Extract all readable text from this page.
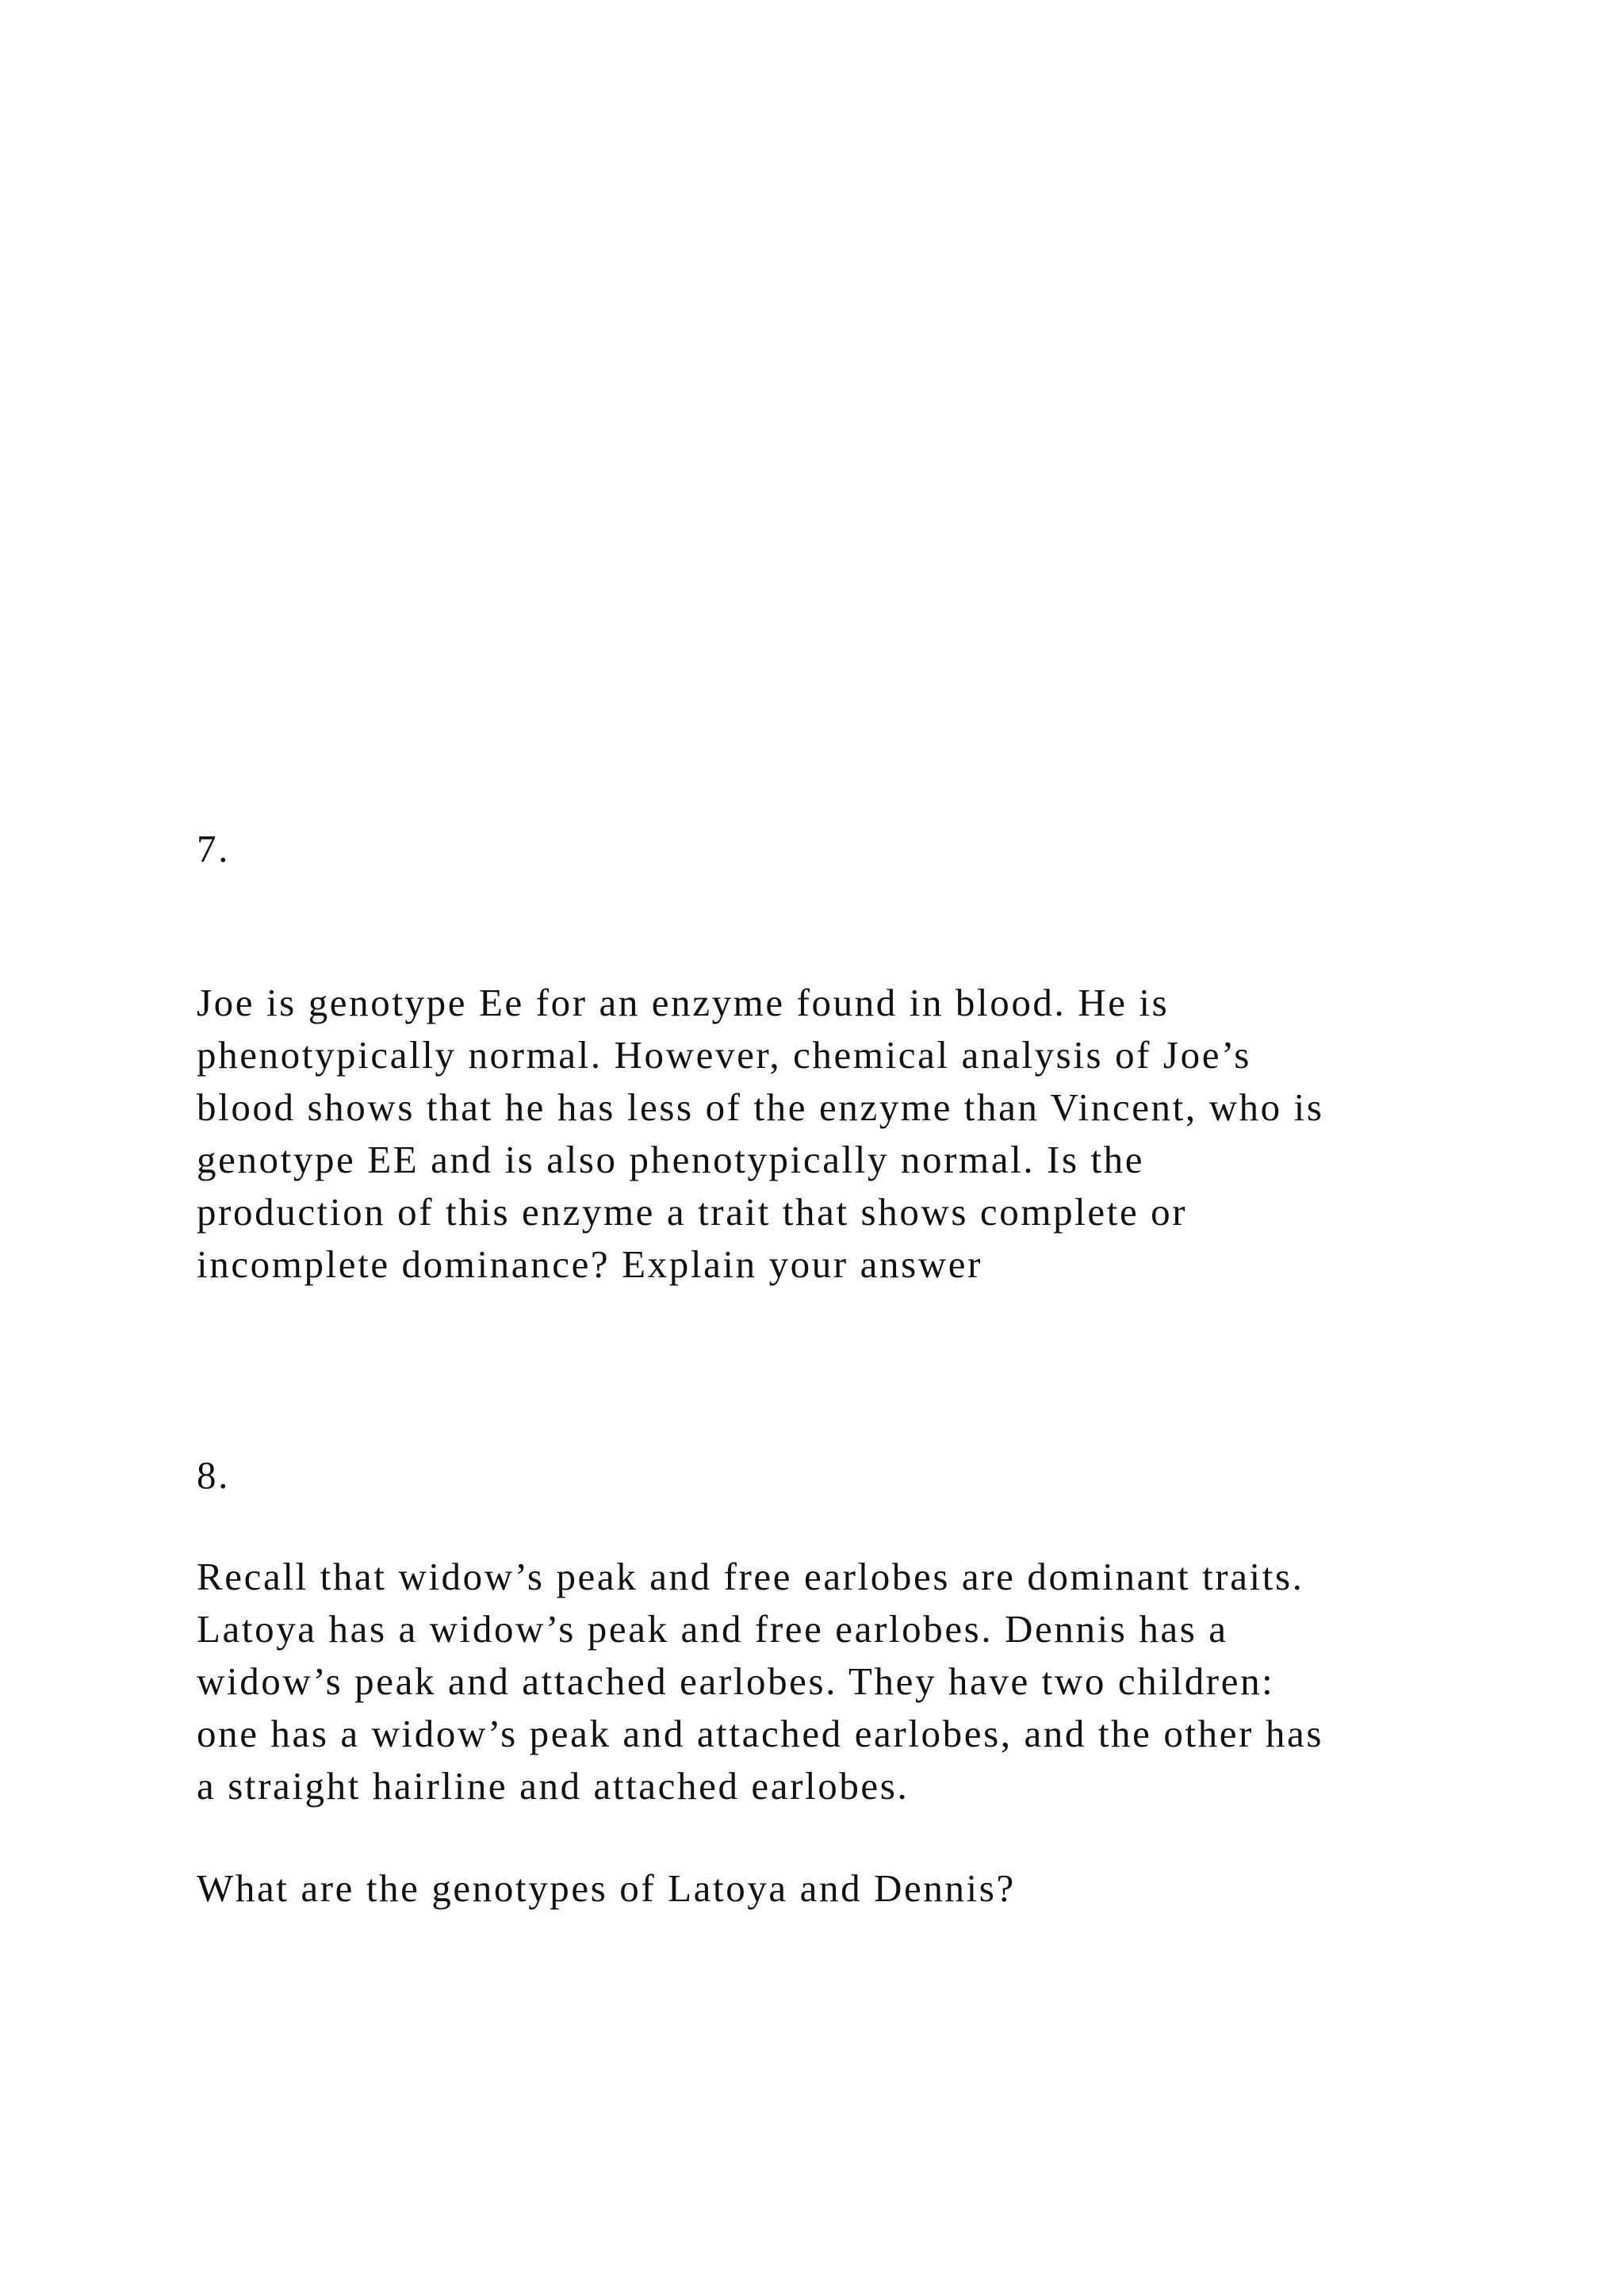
7.

Joe is genotype Ee for an enzyme found in blood. He is
phenotypically normal. However, chemical analysis of Joe’s
blood shows that he has less of the enzyme than Vincent, who is
genotype EE and is also phenotypically normal. Is the
production of this enzyme a trait that shows complete or
incomplete dominance? Explain your answer

8.

Recall that widow’s peak and free earlobes are dominant traits.
Latoya has a widow’s peak and free earlobes. Dennis has a
widow’s peak and attached earlobes. They have two children:
one has a widow’s peak and attached earlobes, and the other has
a straight hairline and attached earlobes.

What are the genotypes of Latoya and Dennis?
